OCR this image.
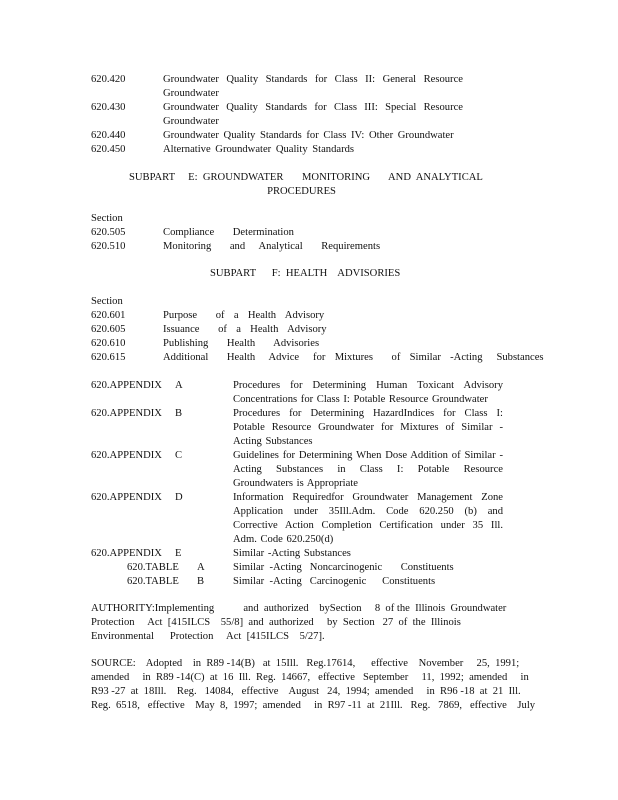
620.420	Groundwater Quality Standards for Class II: General Resource Groundwater
620.430	Groundwater Quality Standards for Class III: Special Resource Groundwater
620.440	Groundwater Quality Standards for Class IV: Other Groundwater
620.450	Alternative Groundwater Quality Standards
SUBPART     E:  GROUNDWATER       MONITORING       AND  ANALYTICAL
PROCEDURES
Section
620.505	Compliance    Determination
620.510	Monitoring    and   Analytical    Requirements
SUBPART      F:  HEALTH    ADVISORIES
Section
620.601	Purpose    of  a  Health  Advisory
620.605	Issuance    of  a  Health  Advisory
620.610	Publishing    Health    Advisories
620.615	Additional    Health   Advice   for  Mixtures    of  Similar  -Acting   Substances
620.APPENDIX	A	Procedures for Determining Human Toxicant Advisory Concentrations for Class I: Potable Resource Groundwater
620.APPENDIX	B	Procedures for Determining HazardIndices for Class I: Potable Resource Groundwater for Mixtures of Similar - Acting Substances
620.APPENDIX	C	Guidelines for Determining When Dose Addition of Similar -Acting Substances in Class I: Potable Resource Groundwaters is Appropriate
620.APPENDIX	D	Information Requiredfor Groundwater Management Zone Application under 35Ill.Adm. Code 620.250 (b) and Corrective Action Completion Certification under 35 Ill. Adm. Code 620.250(d)
620.APPENDIX	E	Similar -Acting Substances
620.TABLE	A	Similar  -Acting   Noncarcinogenic       Constituents
620.TABLE	B	Similar  -Acting   Carcinogenic      Constituents
AUTHORITY:Implementing           and  authorized    bySection     8  of the  Illinois  Groundwater
Protection     Act  [415ILCS    55/8]  and  authorized     by  Section   27  of  the  Illinois
Environmental      Protection     Act  [415ILCS    5/27].
SOURCE:    Adopted    in  R89 -14(B)   at  15Ill.   Reg.17614,      effective    November     25,  1991;
amended     in  R89 -14(C)  at  16  Ill.  Reg.  14667,   effective   September     11,  1992;  amended     in
R93 -27  at  18Ill.    Reg.   14084,   effective    August   24,  1994;  amended     in  R96 -18  at  21  Ill.
Reg.  6518,   effective    May  8,  1997;  amended     in  R97 -11  at  21Ill.   Reg.   7869,   effective    July
